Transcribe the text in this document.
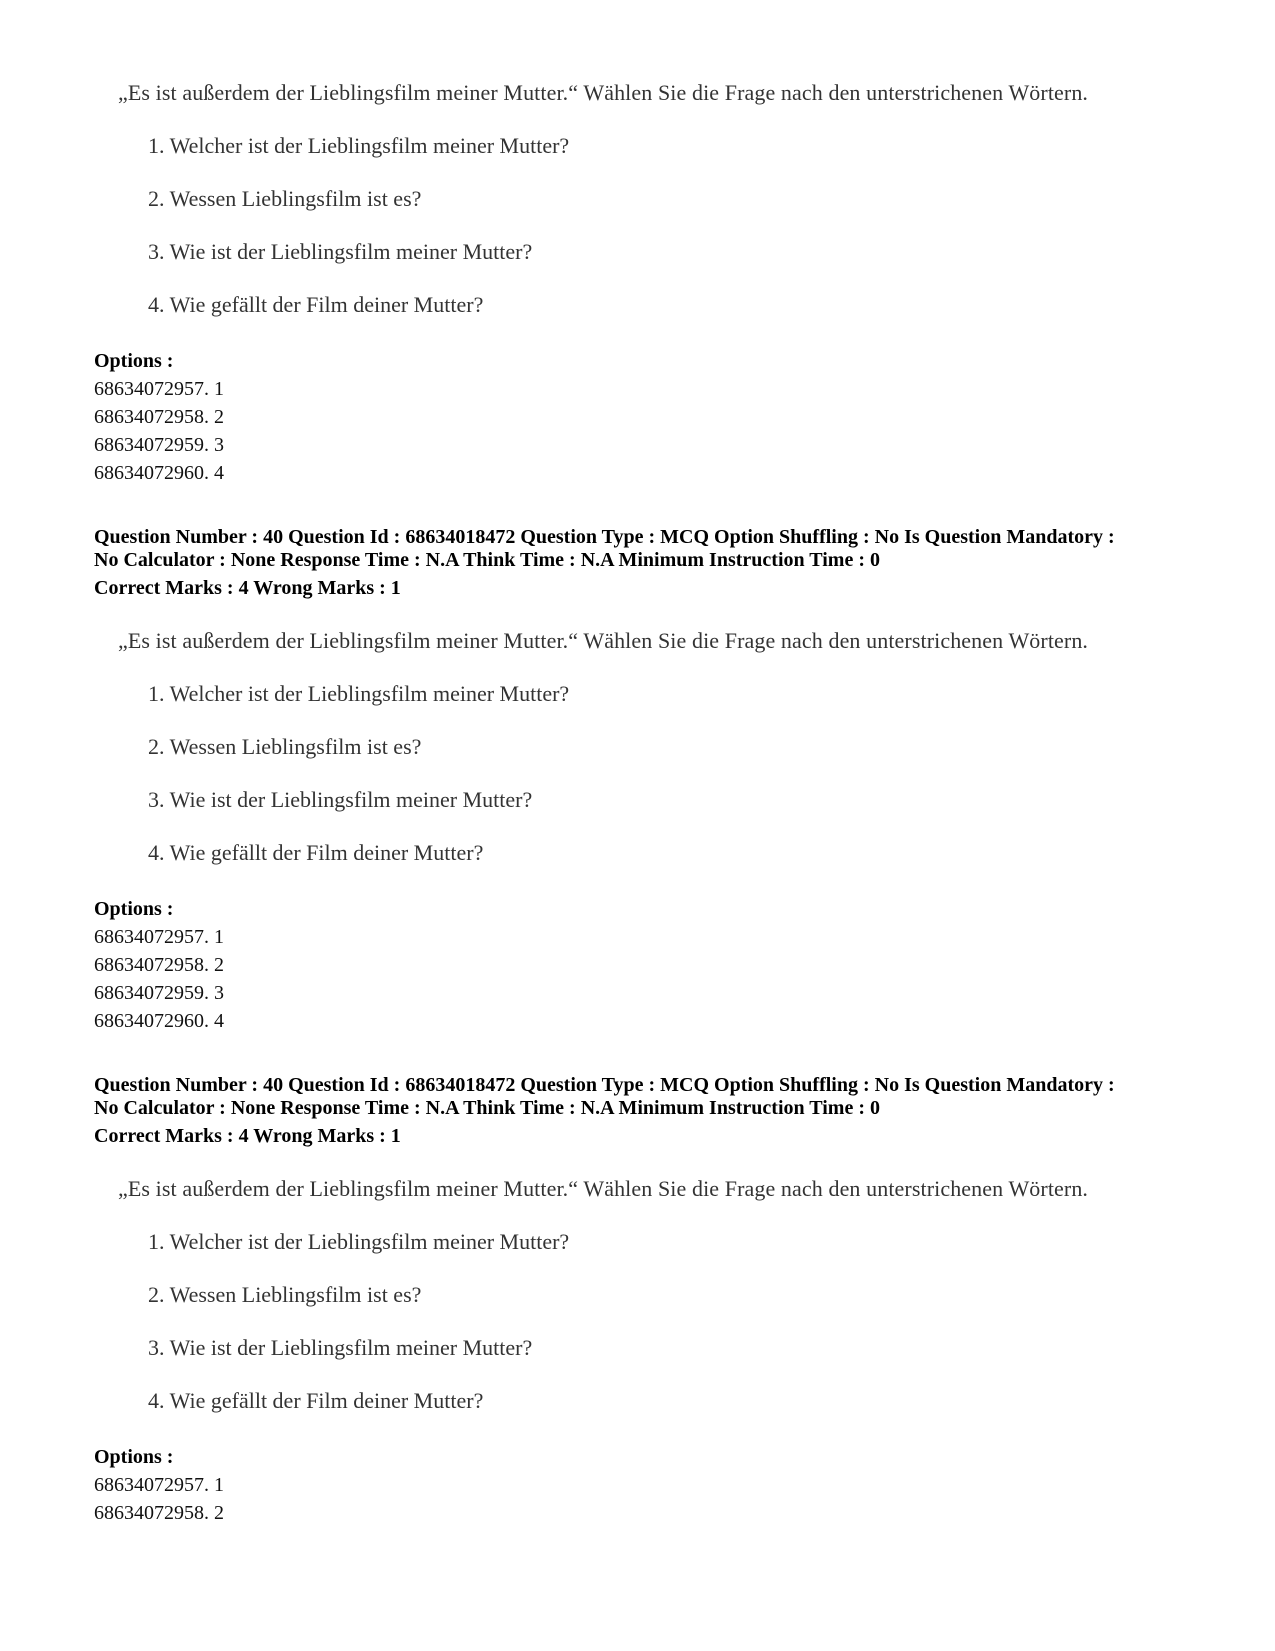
„Es ist außerdem der Lieblingsfilm meiner Mutter.“ Wählen Sie die Frage nach den unterstrichenen Wörtern.
1. Welcher ist der Lieblingsfilm meiner Mutter?
2. Wessen Lieblingsfilm ist es?
3. Wie ist der Lieblingsfilm meiner Mutter?
4. Wie gefällt der Film deiner Mutter?
Options :
68634072957. 1
68634072958. 2
68634072959. 3
68634072960. 4
Question Number : 40 Question Id : 68634018472 Question Type : MCQ Option Shuffling : No Is Question Mandatory :
No Calculator : None Response Time : N.A Think Time : N.A Minimum Instruction Time : 0
Correct Marks : 4 Wrong Marks : 1
„Es ist außerdem der Lieblingsfilm meiner Mutter.“ Wählen Sie die Frage nach den unterstrichenen Wörtern.
1. Welcher ist der Lieblingsfilm meiner Mutter?
2. Wessen Lieblingsfilm ist es?
3. Wie ist der Lieblingsfilm meiner Mutter?
4. Wie gefällt der Film deiner Mutter?
Options :
68634072957. 1
68634072958. 2
68634072959. 3
68634072960. 4
Question Number : 40 Question Id : 68634018472 Question Type : MCQ Option Shuffling : No Is Question Mandatory :
No Calculator : None Response Time : N.A Think Time : N.A Minimum Instruction Time : 0
Correct Marks : 4 Wrong Marks : 1
„Es ist außerdem der Lieblingsfilm meiner Mutter.“ Wählen Sie die Frage nach den unterstrichenen Wörtern.
1. Welcher ist der Lieblingsfilm meiner Mutter?
2. Wessen Lieblingsfilm ist es?
3. Wie ist der Lieblingsfilm meiner Mutter?
4. Wie gefällt der Film deiner Mutter?
Options :
68634072957. 1
68634072958. 2
